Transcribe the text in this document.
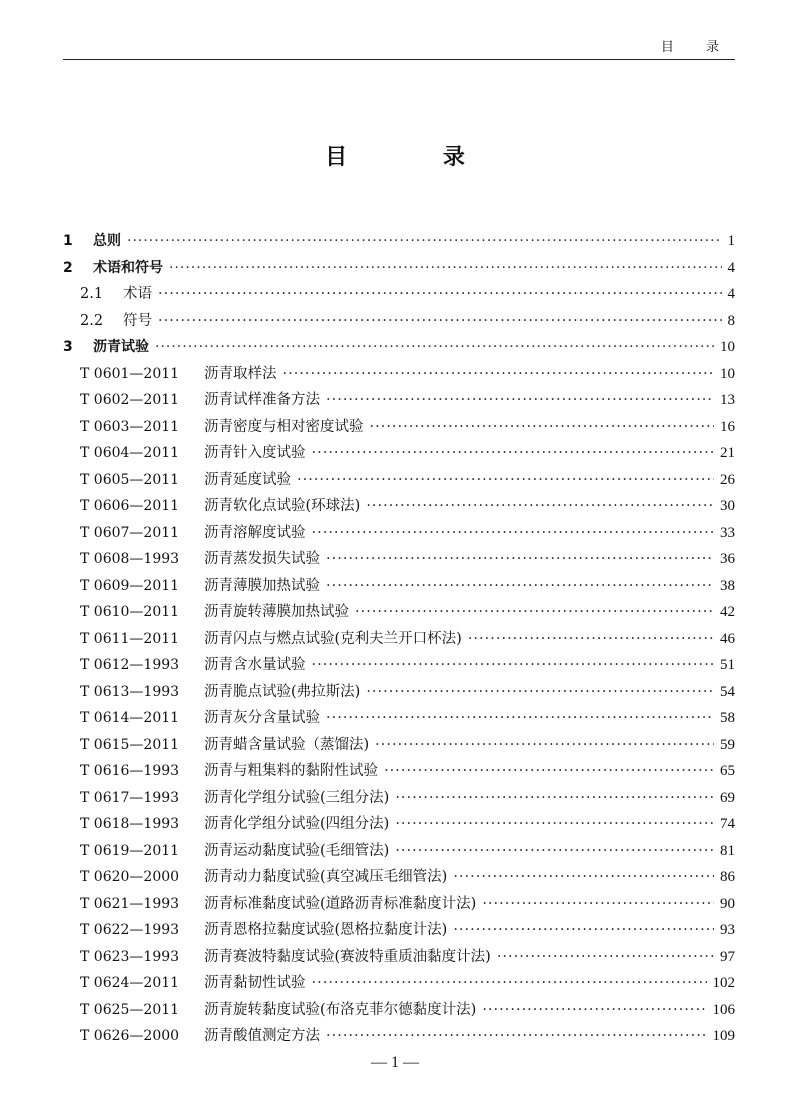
目 录
目 录
1 总则 ·····	1
2 术语和符号 ·····	4
2.1 术语 ·····	4
2.2 符号 ·····	8
3 沥青试验 ·····	10
T 0601—2011 沥青取样法 ·····	10
T 0602—2011 沥青试样准备方法 ·····	13
T 0603—2011 沥青密度与相对密度试验 ·····	16
T 0604—2011 沥青针入度试验 ·····	21
T 0605—2011 沥青延度试验 ·····	26
T 0606—2011 沥青软化点试验(环球法) ·····	30
T 0607—2011 沥青溶解度试验 ·····	33
T 0608—1993 沥青蒸发损失试验 ·····	36
T 0609—2011 沥青薄膜加热试验 ·····	38
T 0610—2011 沥青旋转薄膜加热试验 ·····	42
T 0611—2011 沥青闪点与燃点试验(克利夫兰开口杯法) ·····	46
T 0612—1993 沥青含水量试验 ·····	51
T 0613—1993 沥青脆点试验(弗拉斯法) ·····	54
T 0614—2011 沥青灰分含量试验 ·····	58
T 0615—2011 沥青蜡含量试验（蒸馏法) ·····	59
T 0616—1993 沥青与粗集料的黏附性试验 ·····	65
T 0617—1993 沥青化学组分试验(三组分法) ·····	69
T 0618—1993 沥青化学组分试验(四组分法) ·····	74
T 0619—2011 沥青运动黏度试验(毛细管法) ·····	81
T 0620—2000 沥青动力黏度试验(真空减压毛细管法) ·····	86
T 0621—1993 沥青标准黏度试验(道路沥青标准黏度计法) ·····	90
T 0622—1993 沥青恩格拉黏度试验(恩格拉黏度计法) ·····	93
T 0623—1993 沥青赛波特黏度试验(赛波特重质油黏度计法) ·····	97
T 0624—2011 沥青黏韧性试验 ·····	102
T 0625—2011 沥青旋转黏度试验(布洛克菲尔德黏度计法) ·····	106
T 0626—2000 沥青酸值测定方法 ·····	109
— 1 —
